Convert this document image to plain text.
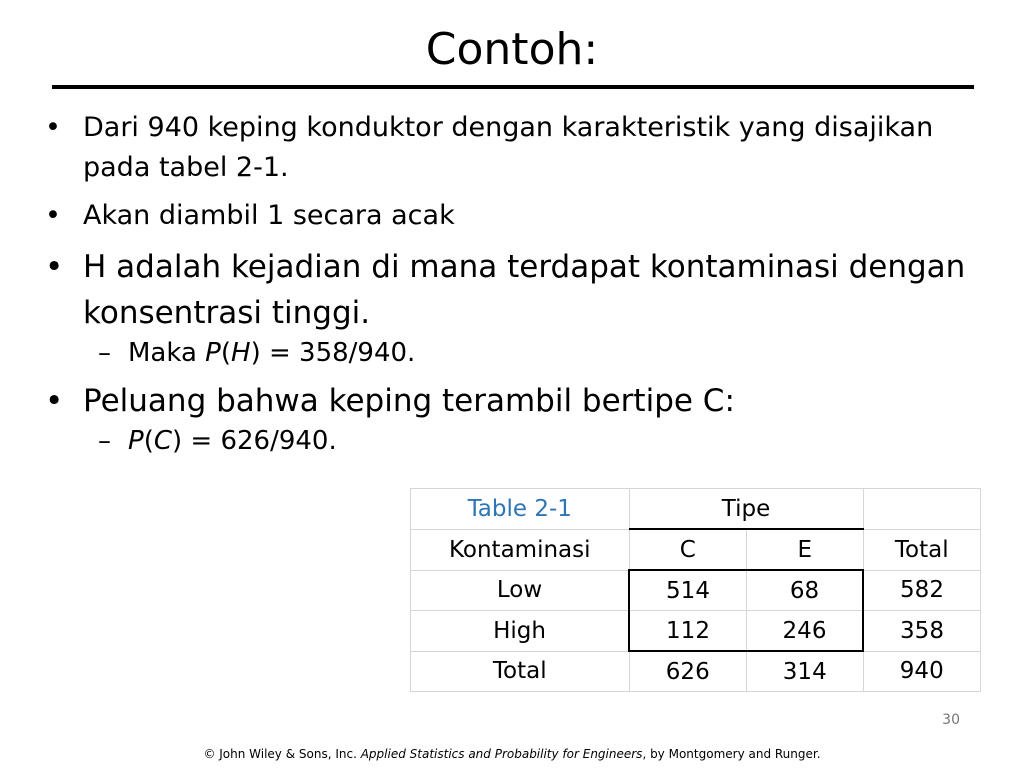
Contoh:
• Dari 940 keping konduktor dengan karakteristik yang disajikan pada tabel 2-1.
• Akan diambil 1 secara acak
• H adalah kejadian di mana terdapat kontaminasi dengan konsentrasi tinggi.
– Maka P(H) = 358/940.
• Peluang bahwa keping terambil bertipe C:
– P(C) = 626/940.
Table 2-1	Tipe		
Kontaminasi	C	E	Total
Low	514	68	582
High	112	246	358
Total	626	314	940
30
© John Wiley & Sons, Inc. Applied Statistics and Probability for Engineers, by Montgomery and Runger.
